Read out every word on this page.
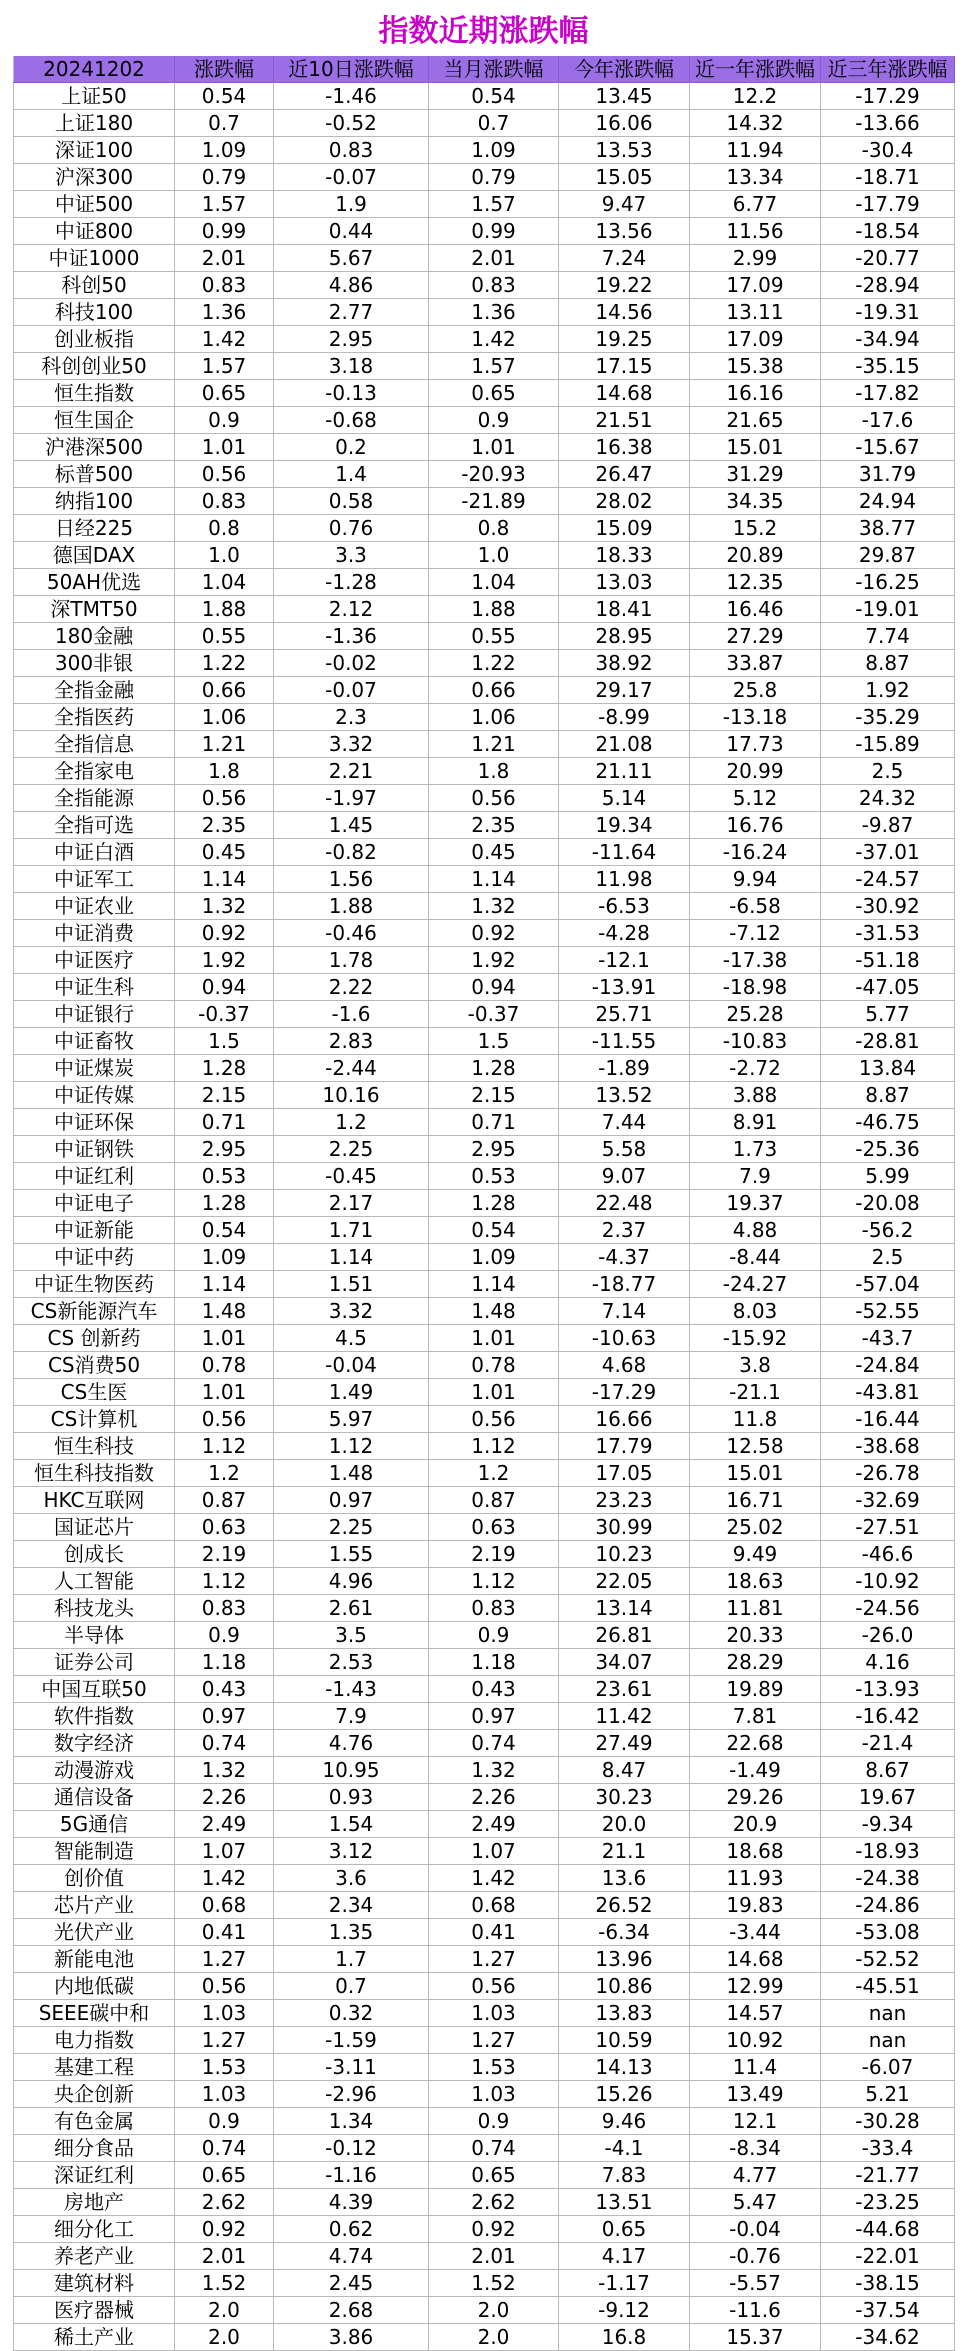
指数近期涨跌幅
20241202	涨跌幅	近10日涨跌幅	当月涨跌幅	今年涨跌幅	近一年涨跌幅	近三年涨跌幅
上证50	0.54	-1.46	0.54	13.45	12.2	-17.29
上证180	0.7	-0.52	0.7	16.06	14.32	-13.66
深证100	1.09	0.83	1.09	13.53	11.94	-30.4
沪深300	0.79	-0.07	0.79	15.05	13.34	-18.71
中证500	1.57	1.9	1.57	9.47	6.77	-17.79
中证800	0.99	0.44	0.99	13.56	11.56	-18.54
中证1000	2.01	5.67	2.01	7.24	2.99	-20.77
科创50	0.83	4.86	0.83	19.22	17.09	-28.94
科技100	1.36	2.77	1.36	14.56	13.11	-19.31
创业板指	1.42	2.95	1.42	19.25	17.09	-34.94
科创创业50	1.57	3.18	1.57	17.15	15.38	-35.15
恒生指数	0.65	-0.13	0.65	14.68	16.16	-17.82
恒生国企	0.9	-0.68	0.9	21.51	21.65	-17.6
沪港深500	1.01	0.2	1.01	16.38	15.01	-15.67
标普500	0.56	1.4	-20.93	26.47	31.29	31.79
纳指100	0.83	0.58	-21.89	28.02	34.35	24.94
日经225	0.8	0.76	0.8	15.09	15.2	38.77
德国DAX	1.0	3.3	1.0	18.33	20.89	29.87
50AH优选	1.04	-1.28	1.04	13.03	12.35	-16.25
深TMT50	1.88	2.12	1.88	18.41	16.46	-19.01
180金融	0.55	-1.36	0.55	28.95	27.29	7.74
300非银	1.22	-0.02	1.22	38.92	33.87	8.87
全指金融	0.66	-0.07	0.66	29.17	25.8	1.92
全指医药	1.06	2.3	1.06	-8.99	-13.18	-35.29
全指信息	1.21	3.32	1.21	21.08	17.73	-15.89
全指家电	1.8	2.21	1.8	21.11	20.99	2.5
全指能源	0.56	-1.97	0.56	5.14	5.12	24.32
全指可选	2.35	1.45	2.35	19.34	16.76	-9.87
中证白酒	0.45	-0.82	0.45	-11.64	-16.24	-37.01
中证军工	1.14	1.56	1.14	11.98	9.94	-24.57
中证农业	1.32	1.88	1.32	-6.53	-6.58	-30.92
中证消费	0.92	-0.46	0.92	-4.28	-7.12	-31.53
中证医疗	1.92	1.78	1.92	-12.1	-17.38	-51.18
中证生科	0.94	2.22	0.94	-13.91	-18.98	-47.05
中证银行	-0.37	-1.6	-0.37	25.71	25.28	5.77
中证畜牧	1.5	2.83	1.5	-11.55	-10.83	-28.81
中证煤炭	1.28	-2.44	1.28	-1.89	-2.72	13.84
中证传媒	2.15	10.16	2.15	13.52	3.88	8.87
中证环保	0.71	1.2	0.71	7.44	8.91	-46.75
中证钢铁	2.95	2.25	2.95	5.58	1.73	-25.36
中证红利	0.53	-0.45	0.53	9.07	7.9	5.99
中证电子	1.28	2.17	1.28	22.48	19.37	-20.08
中证新能	0.54	1.71	0.54	2.37	4.88	-56.2
中证中药	1.09	1.14	1.09	-4.37	-8.44	2.5
中证生物医药	1.14	1.51	1.14	-18.77	-24.27	-57.04
CS新能源汽车	1.48	3.32	1.48	7.14	8.03	-52.55
CS 创新药	1.01	4.5	1.01	-10.63	-15.92	-43.7
CS消费50	0.78	-0.04	0.78	4.68	3.8	-24.84
CS生医	1.01	1.49	1.01	-17.29	-21.1	-43.81
CS计算机	0.56	5.97	0.56	16.66	11.8	-16.44
恒生科技	1.12	1.12	1.12	17.79	12.58	-38.68
恒生科技指数	1.2	1.48	1.2	17.05	15.01	-26.78
HKC互联网	0.87	0.97	0.87	23.23	16.71	-32.69
国证芯片	0.63	2.25	0.63	30.99	25.02	-27.51
创成长	2.19	1.55	2.19	10.23	9.49	-46.6
人工智能	1.12	4.96	1.12	22.05	18.63	-10.92
科技龙头	0.83	2.61	0.83	13.14	11.81	-24.56
半导体	0.9	3.5	0.9	26.81	20.33	-26.0
证券公司	1.18	2.53	1.18	34.07	28.29	4.16
中国互联50	0.43	-1.43	0.43	23.61	19.89	-13.93
软件指数	0.97	7.9	0.97	11.42	7.81	-16.42
数字经济	0.74	4.76	0.74	27.49	22.68	-21.4
动漫游戏	1.32	10.95	1.32	8.47	-1.49	8.67
通信设备	2.26	0.93	2.26	30.23	29.26	19.67
5G通信	2.49	1.54	2.49	20.0	20.9	-9.34
智能制造	1.07	3.12	1.07	21.1	18.68	-18.93
创价值	1.42	3.6	1.42	13.6	11.93	-24.38
芯片产业	0.68	2.34	0.68	26.52	19.83	-24.86
光伏产业	0.41	1.35	0.41	-6.34	-3.44	-53.08
新能电池	1.27	1.7	1.27	13.96	14.68	-52.52
内地低碳	0.56	0.7	0.56	10.86	12.99	-45.51
SEEE碳中和	1.03	0.32	1.03	13.83	14.57	nan
电力指数	1.27	-1.59	1.27	10.59	10.92	nan
基建工程	1.53	-3.11	1.53	14.13	11.4	-6.07
央企创新	1.03	-2.96	1.03	15.26	13.49	5.21
有色金属	0.9	1.34	0.9	9.46	12.1	-30.28
细分食品	0.74	-0.12	0.74	-4.1	-8.34	-33.4
深证红利	0.65	-1.16	0.65	7.83	4.77	-21.77
房地产	2.62	4.39	2.62	13.51	5.47	-23.25
细分化工	0.92	0.62	0.92	0.65	-0.04	-44.68
养老产业	2.01	4.74	2.01	4.17	-0.76	-22.01
建筑材料	1.52	2.45	1.52	-1.17	-5.57	-38.15
医疗器械	2.0	2.68	2.0	-9.12	-11.6	-37.54
稀土产业	2.0	3.86	2.0	16.8	15.37	-34.62
